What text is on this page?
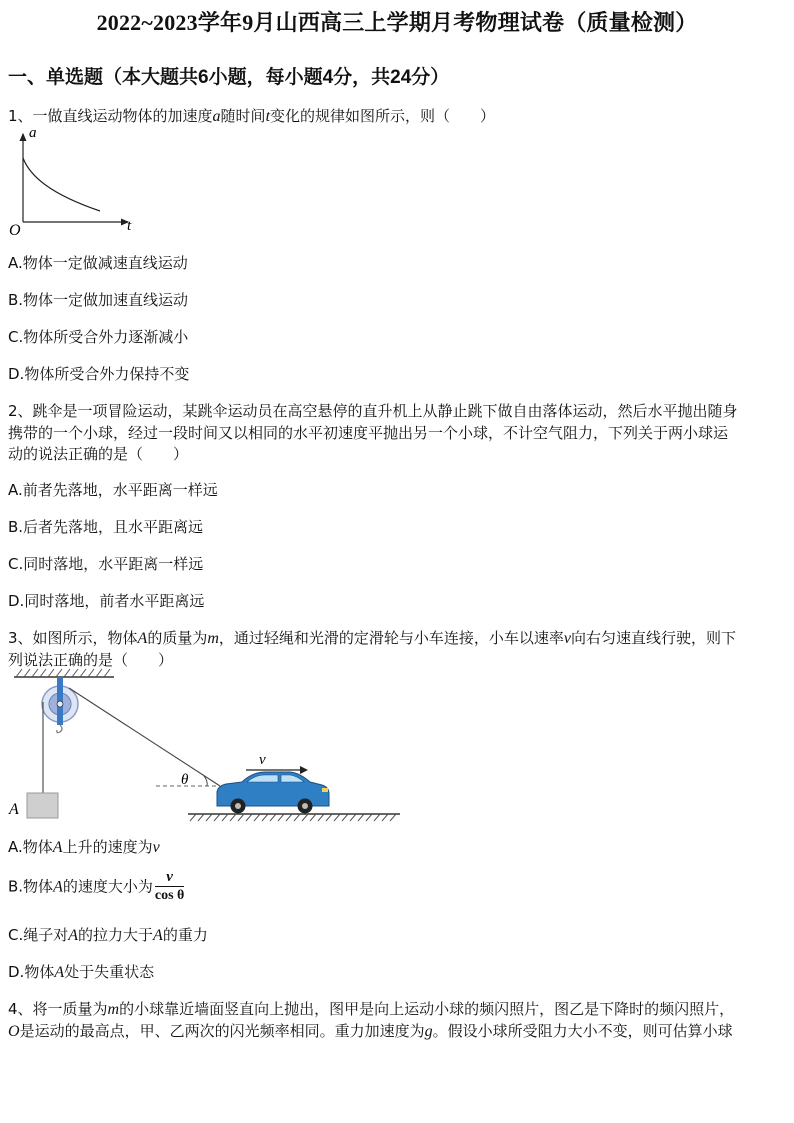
2022~2023学年9月山西高三上学期月考物理试卷（质量检测）
一、单选题（本大题共6小题，每小题4分，共24分）
1、一做直线运动物体的加速度a随时间t变化的规律如图所示，则（　　）
a
t
O
A.物体一定做减速直线运动
B.物体一定做加速直线运动
C.物体所受合外力逐渐减小
D.物体所受合外力保持不变
2、跳伞是一项冒险运动，某跳伞运动员在高空悬停的直升机上从静止跳下做自由落体运动，然后水平抛出随身
携带的一个小球，经过一段时间又以相同的水平初速度平抛出另一个小球，不计空气阻力，下列关于两小球运
动的说法正确的是（　　）
A.前者先落地，水平距离一样远
B.后者先落地，且水平距离远
C.同时落地，水平距离一样远
D.同时落地，前者水平距离远
3、如图所示，物体A的质量为m，通过轻绳和光滑的定滑轮与小车连接，小车以速率v向右匀速直线行驶，则下
列说法正确的是（　　）
A
θ
v
A.物体A上升的速度为v
B.物体A的速度大小为 $\frac{v}{\text{cos θ}}$
C.绳子对A的拉力大于A的重力
D.物体A处于失重状态
4、将一质量为m的小球靠近墙面竖直向上抛出，图甲是向上运动小球的频闪照片，图乙是下降时的频闪照片，
O是运动的最高点，甲、乙两次的闪光频率相同。重力加速度为g。假设小球所受阻力大小不变，则可估算小球
